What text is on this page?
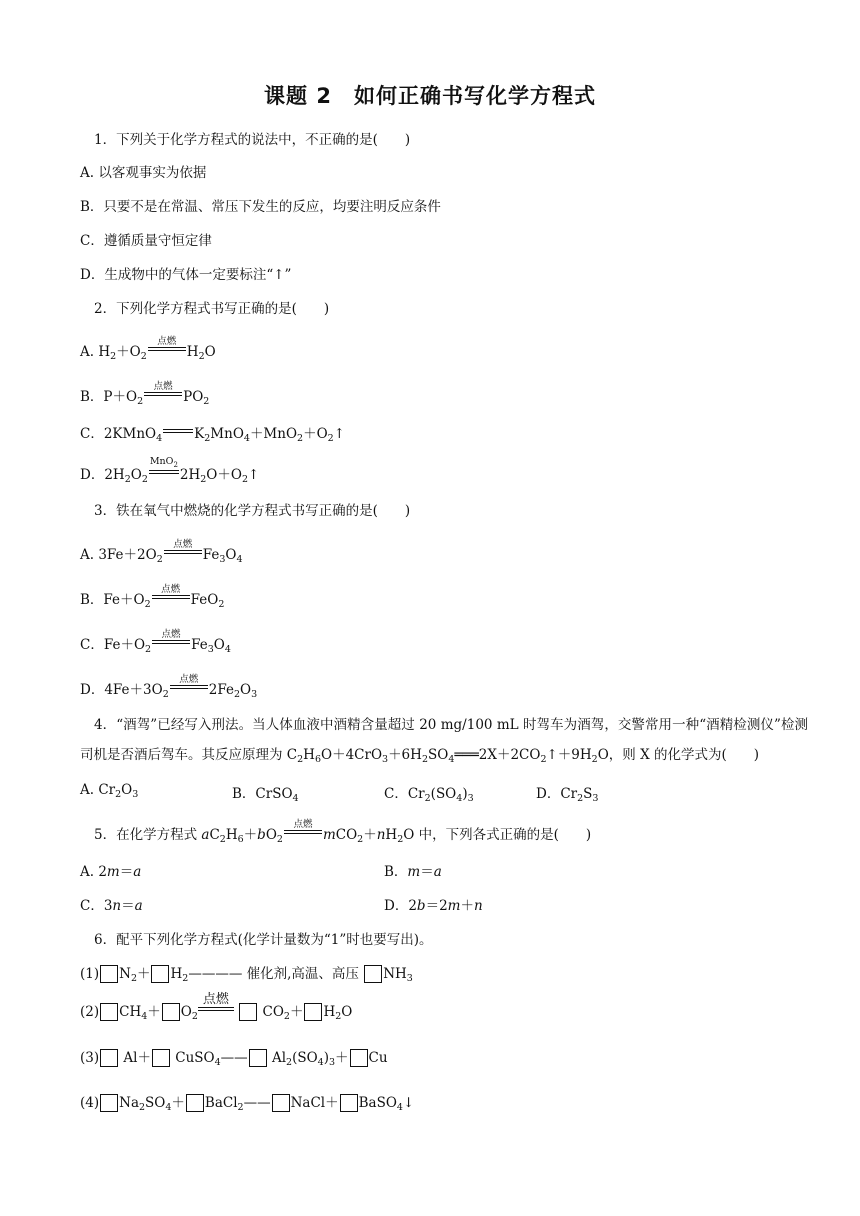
课题 2　如何正确书写化学方程式
1．下列关于化学方程式的说法中，不正确的是(　　)
A. 以客观事实为依据
B．只要不是在常温、常压下发生的反应，均要注明反应条件
C．遵循质量守恒定律
D．生成物中的气体一定要标注“↑”
2．下列化学方程式书写正确的是(　　)
A. $H_2+O_2$
点燃
$H_2O$
B．$P+O_2$
点燃
$PO_2$
C．2KMnO$_4$ $K_2MnO_4+MnO_2+O_2↑$
D．$2H_2O_2$
MnO$_2$
$2H_2O+O_2↑$
3．铁在氧气中燃烧的化学方程式书写正确的是(　　)
A. $3Fe+2O_2$
点燃
$Fe_3O_4$
B．$Fe+O_2$
点燃
FeO$_2$
C．$Fe+O_2$
点燃
$Fe_3O_4$
D．$4Fe+3O_2$
点燃
$2Fe_2O_3$
4．“酒驾”已经写入刑法。当人体血液中酒精含量超过 20 mg/100 mL 时驾车为酒驾，交警常用一种“酒精检测仪”检测司机是否酒后驾车。其反应原理为 $C_2H_6O+4CrO_3+6H_2SO_4═══2X+2CO_2↑+9H_2O$，则 X 的化学式为(　　)
A. $Cr_2O_3$	B．CrSO$_4$	C．$Cr_2(SO_4)_3$	D．$Cr_2S_3$
5．在化学方程式 $aC_2H_6+bO_2$
点燃
$mCO_2+nH_2O$ 中，下列各式正确的是(　　)
A. 2m＝a	B．m＝a
C．3n＝a	D．2b＝2m＋n
6．配平下列化学方程式(化学计量数为“1”时也要写出)。
(1) $N_2+$ $H_2————$ 催化剂,高温、高压 $NH_3$
(2) $CH_4+ O_2$
点燃
$CO_2+ H_2O$
(3) Al＋ CuSO$_4$—— $Al_2(SO_4)_3+ Cu$
(4) $Na_2SO_4+$ BaCl$_2$—— NaCl＋ BaSO$_4$↓
